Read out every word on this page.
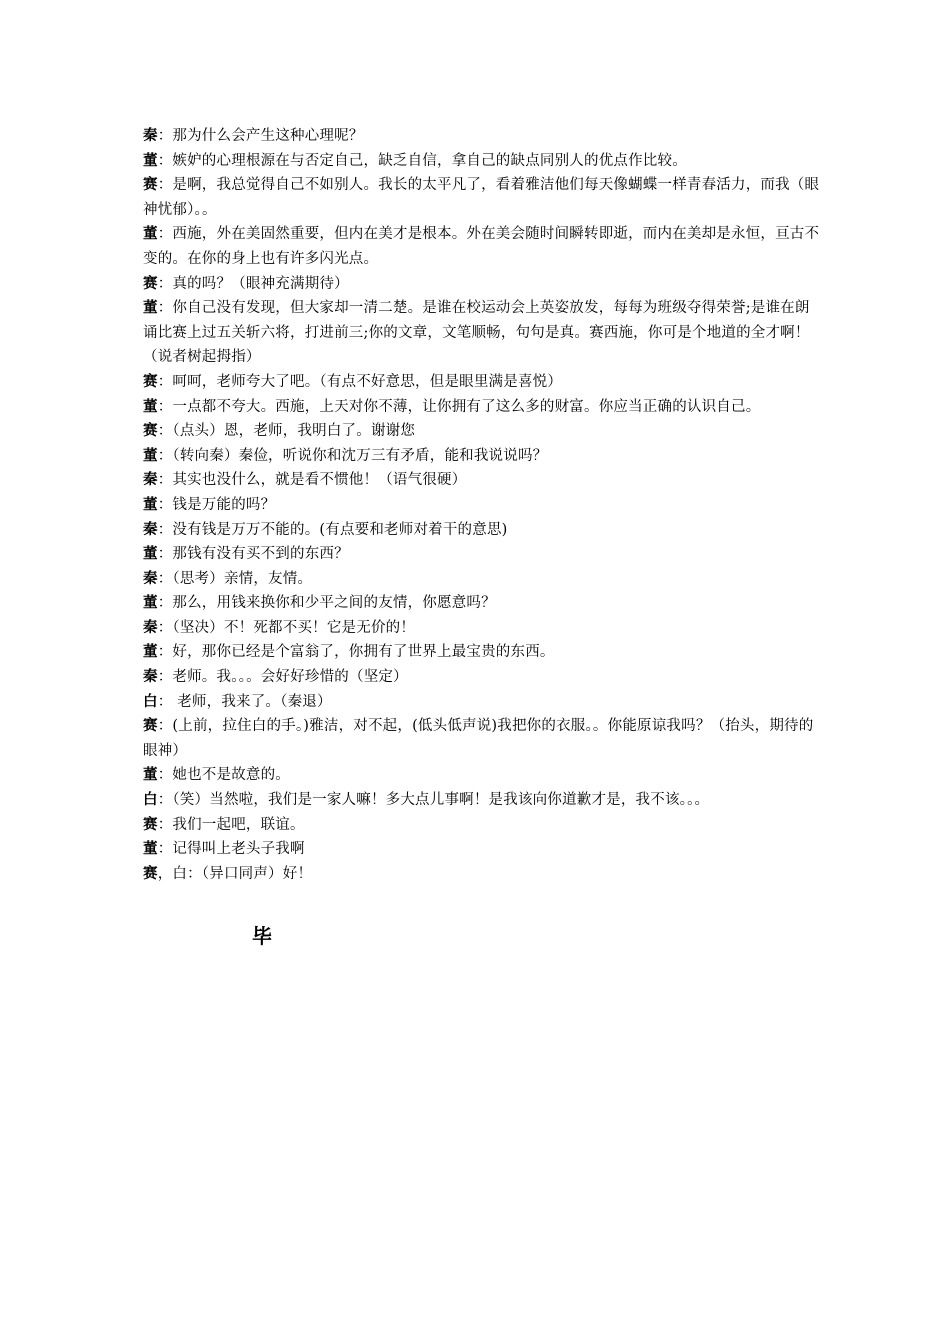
秦：那为什么会产生这种心理呢？
董：嫉妒的心理根源在与否定自己，缺乏自信，拿自己的缺点同别人的优点作比较。
赛：是啊，我总觉得自己不如别人。我长的太平凡了，看着雅洁他们每天像蝴蝶一样青春活力，而我（眼神忧郁）。。
董：西施，外在美固然重要，但内在美才是根本。外在美会随时间瞬转即逝，而内在美却是永恒，亘古不变的。在你的身上也有许多闪光点。
赛：真的吗？（眼神充满期待）
董：你自己没有发现，但大家却一清二楚。是谁在校运动会上英姿放发，每每为班级夺得荣誉;是谁在朗诵比赛上过五关斩六将，打进前三;你的文章，文笔顺畅，句句是真。赛西施，你可是个地道的全才啊！（说者树起拇指）
赛：呵呵，老师夸大了吧。（有点不好意思，但是眼里满是喜悦）
董：一点都不夸大。西施，上天对你不薄，让你拥有了这么多的财富。你应当正确的认识自己。
赛：（点头）恩，老师，我明白了。谢谢您
董：（转向秦）秦俭，听说你和沈万三有矛盾，能和我说说吗？
秦：其实也没什么，就是看不惯他！（语气很硬）
董：钱是万能的吗？
秦：没有钱是万万不能的。(有点要和老师对着干的意思)
董：那钱有没有买不到的东西？
秦：（思考）亲情，友情。
董：那么，用钱来换你和少平之间的友情，你愿意吗？
秦：（坚决）不！死都不买！它是无价的！
董：好，那你已经是个富翁了，你拥有了世界上最宝贵的东西。
秦：老师。我。。。会好好珍惜的（坚定）
白： 老师，我来了。（秦退）
赛：(上前，拉住白的手。)雅洁，对不起，(低头低声说)我把你的衣服。。你能原谅我吗？（抬头，期待的眼神）
董：她也不是故意的。
白：（笑）当然啦，我们是一家人嘛！多大点儿事啊！是我该向你道歉才是，我不该。。。
赛：我们一起吧，联谊。
董：记得叫上老头子我啊
赛，白：（异口同声）好！
毕
